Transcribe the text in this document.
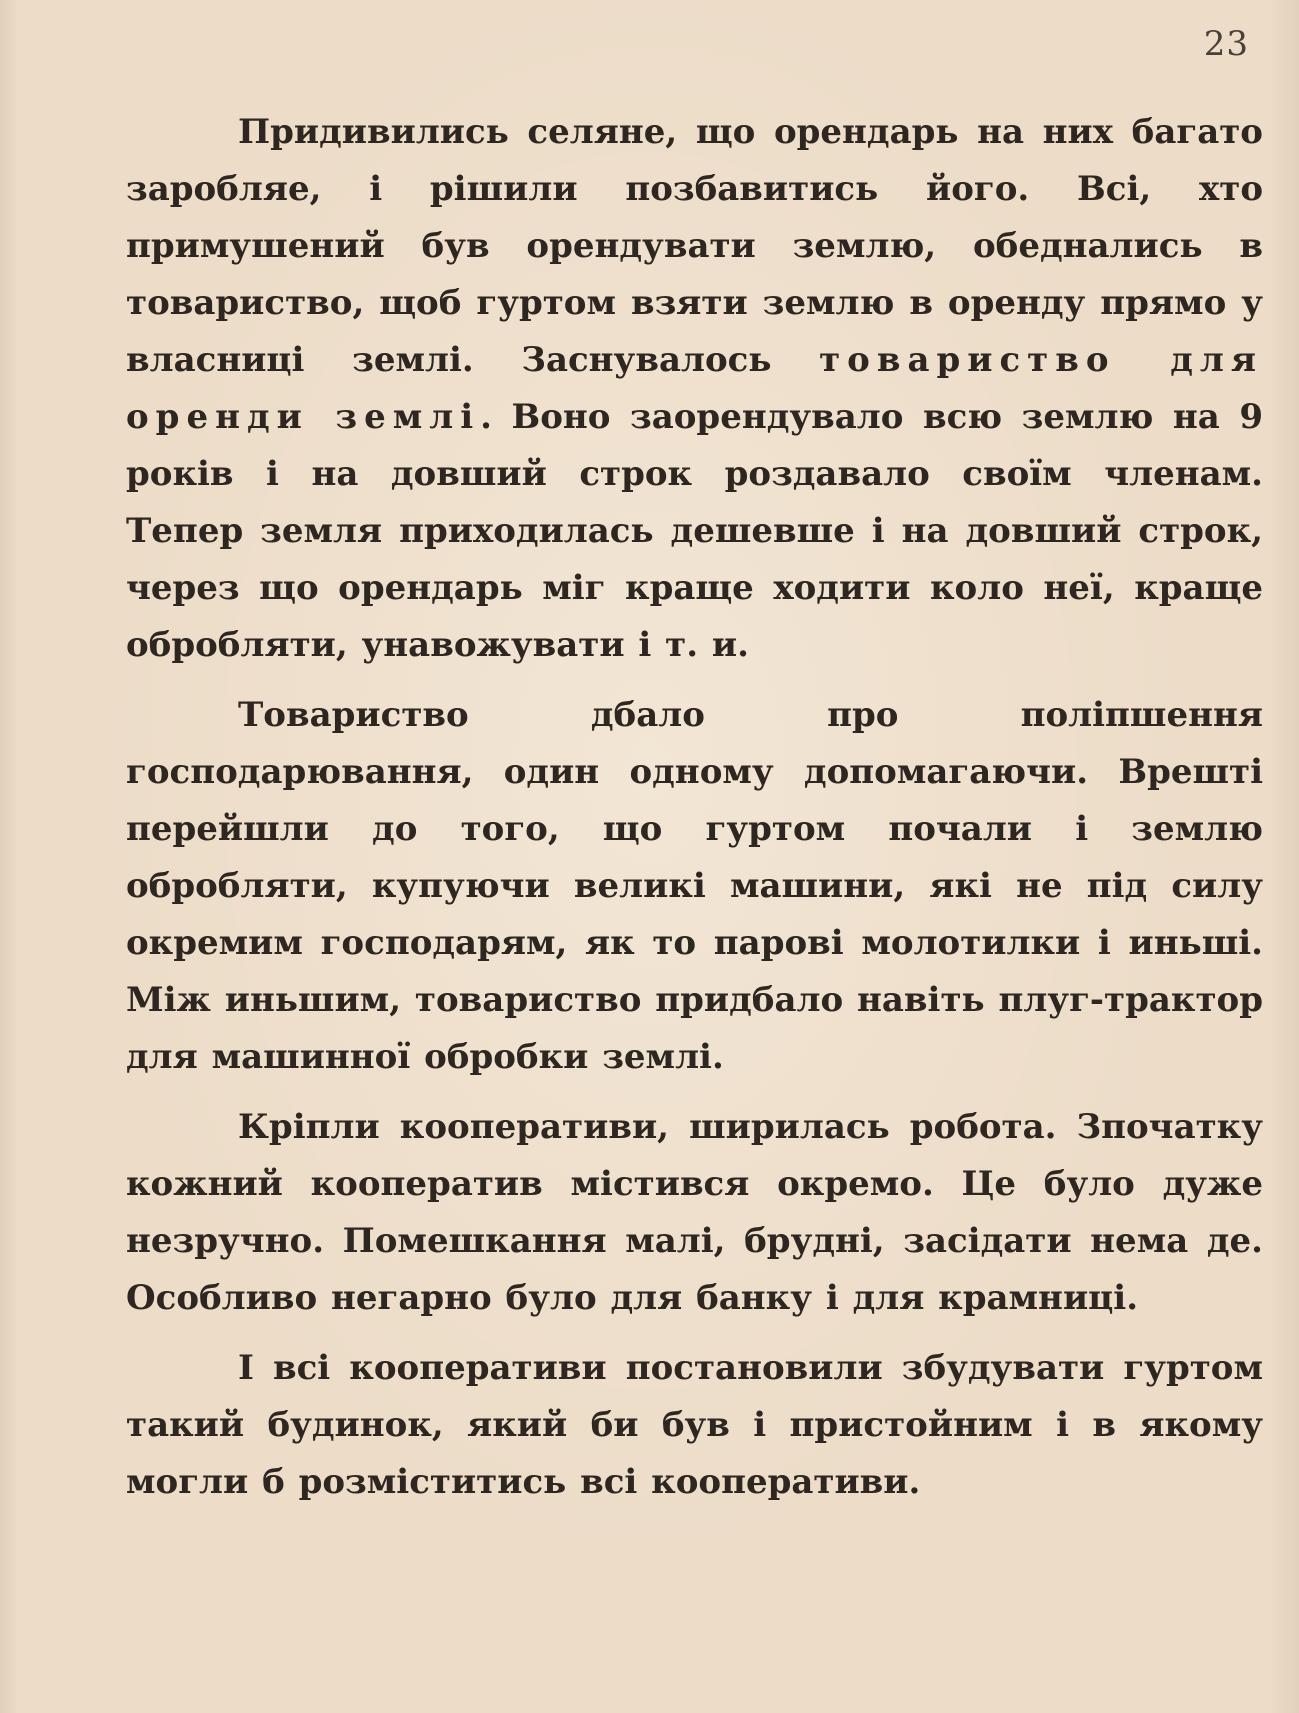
23

Придивились селяне, що орендарь на них багато заробляе, і рішили позбавитись його. Всі, хто примушений був орендувати землю, обеднались в товариство, щоб гуртом взяти землю в оренду прямо у власниці землі. Заснувалось товариство для оренди землі. Воно заорендувало всю землю на 9 років і на довший строк роздавало своїм членам. Тепер земля приходилась дешевше і на довший строк, через що орендарь міг краще ходити коло неї, краще обробляти, унавожувати і т. и.

Товариство дбало про поліпшення господарювання, один одному допомагаючи. Врешті перейшли до того, що гуртом почали і землю обробляти, купуючи великі машини, які не під силу окремим господарям, як то парові молотилки і иньші. Між иньшим, товариство придбало навіть плуг-трактор для машинної обробки землі.

Кріпли кооперативи, ширилась робота. Зпочатку кожний кооператив містився окремо. Це було дуже незручно. Помешкання малі, брудні, засідати нема де. Особливо негарно було для банку і для крамниці.

І всі кооперативи постановили збудувати гуртом такий будинок, який би був і пристойним і в якому могли б розміститись всі кооперативи.
